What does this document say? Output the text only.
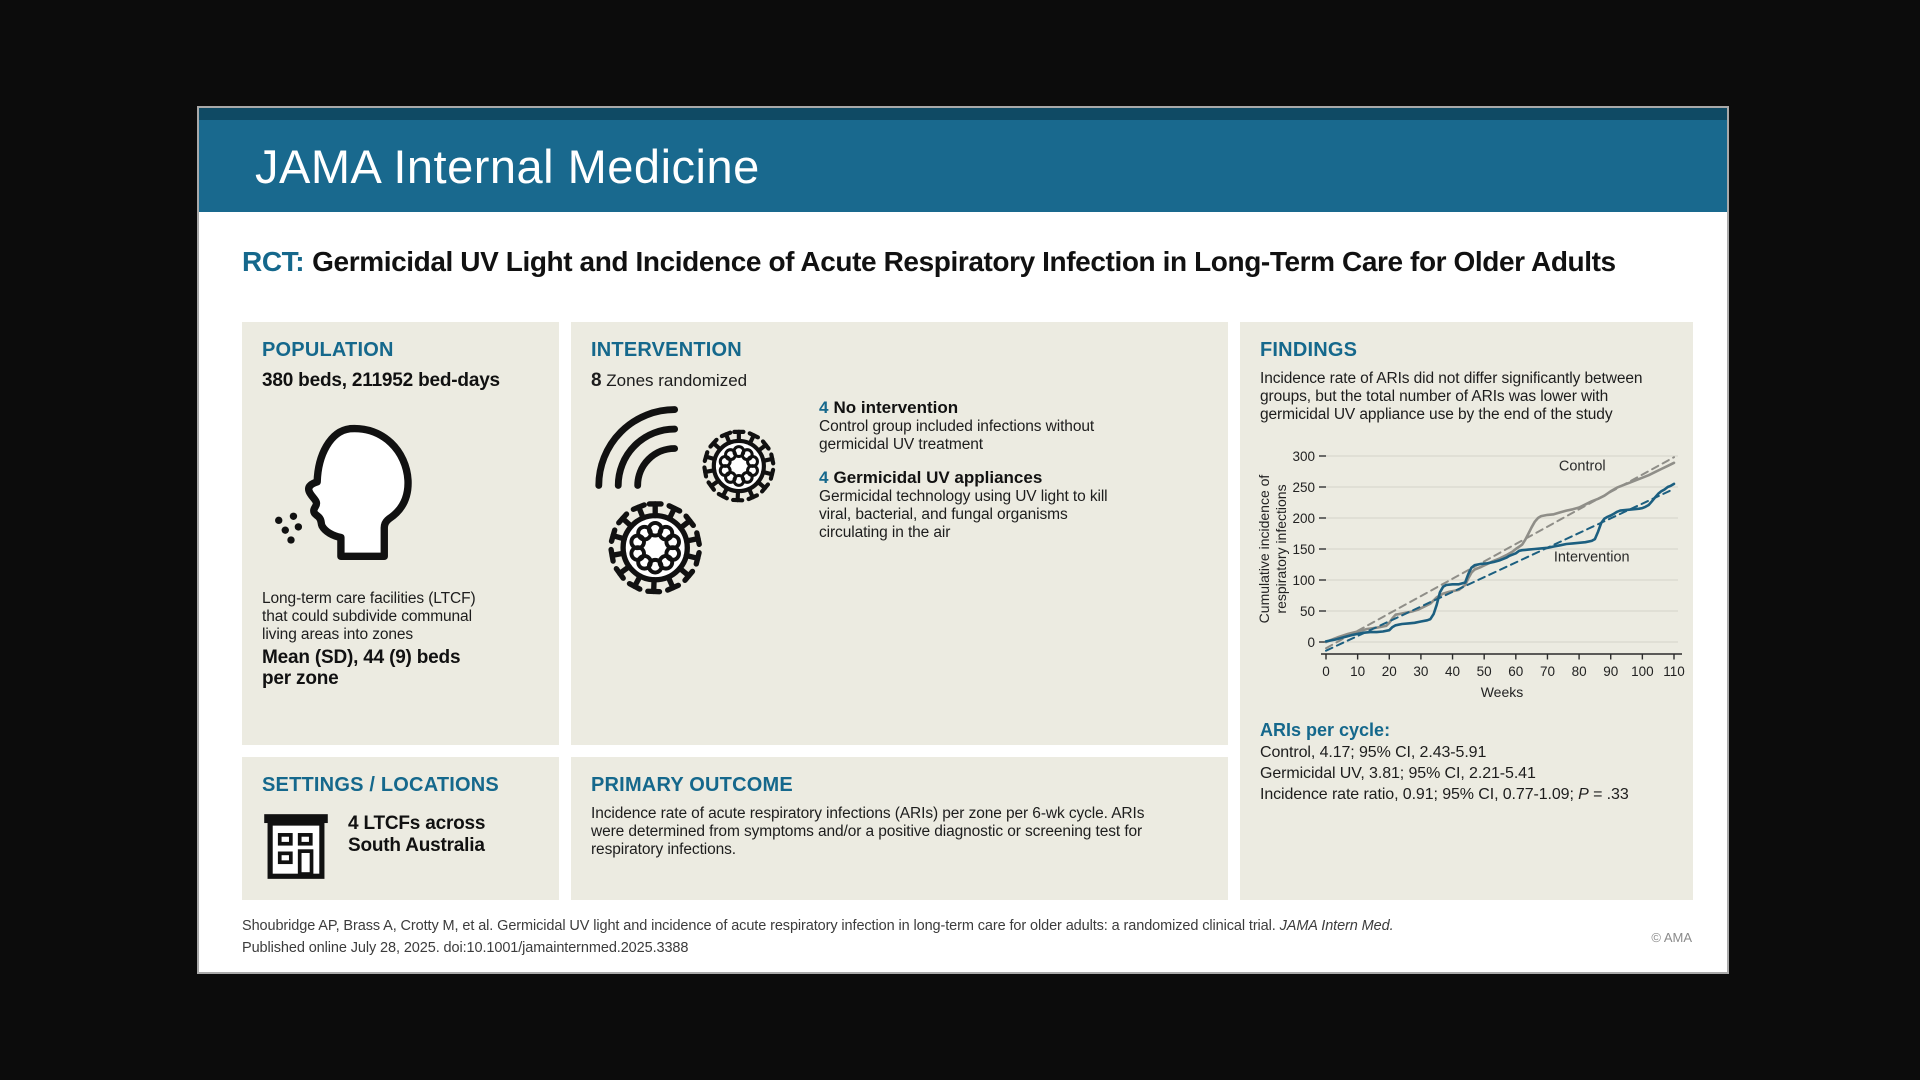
JAMA Internal Medicine
RCT: Germicidal UV Light and Incidence of Acute Respiratory Infection in Long-Term Care for Older Adults
POPULATION
380 beds, 211952 bed-days

Long-term care facilities (LTCF) that could subdivide communal living areas into zones

Mean (SD), 44 (9) beds per zone
INTERVENTION
8 Zones randomized
4 No intervention

Control group included infections without germicidal UV treatment

4 Germicidal UV appliances

Germicidal technology using UV light to kill viral, bacterial, and fungal organisms circulating in the air

FINDINGS

Incidence rate of ARIs did not differ significantly between groups, but the total number of ARIs was lower with germicidal UV appliance use by the end of the study

0
50
100
150
200
250
300
0 10 20 30 40 50 60 70 80 90 100 110
Weeks
Cumulative incidence of respiratory infections
Control
Intervention
ARIs per cycle:
Control, 4.17; 95% CI, 2.43-5.91
Germicidal UV, 3.81; 95% CI, 2.21-5.41
Incidence rate ratio, 0.91; 95% CI, 0.77-1.09; P = .33
SETTINGS / LOCATIONS
4 LTCFs across
South Australia
PRIMARY OUTCOME

Incidence rate of acute respiratory infections (ARIs) per zone per 6-wk cycle. ARIs were determined from symptoms and/or a positive diagnostic or screening test for respiratory infections.

Shoubridge AP, Brass A, Crotty M, et al. Germicidal UV light and incidence of acute respiratory infection in long-term care for older adults: a randomized clinical trial. JAMA Intern Med.
Published online July 28, 2025. doi:10.1001/jamainternmed.2025.3388
© AMA
